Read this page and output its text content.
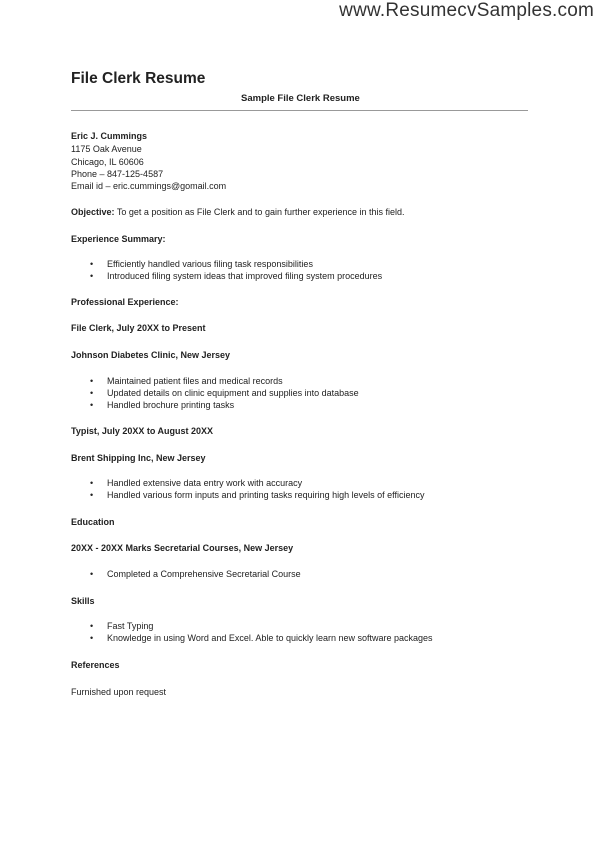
www.ResumecvSamples.com
File Clerk Resume
Sample File Clerk Resume
Eric J. Cummings
1175 Oak Avenue
Chicago, IL 60606
Phone – 847-125-4587
Email id – eric.cummings@gomail.com
Objective: To get a position as File Clerk and to gain further experience in this field.
Experience Summary:
• Efficiently handled various filing task responsibilities
• Introduced filing system ideas that improved filing system procedures
Professional Experience:
File Clerk, July 20XX to Present
Johnson Diabetes Clinic, New Jersey
• Maintained patient files and medical records
• Updated details on clinic equipment and supplies into database
• Handled brochure printing tasks
Typist, July 20XX to August 20XX
Brent Shipping Inc, New Jersey
• Handled extensive data entry work with accuracy
• Handled various form inputs and printing tasks requiring high levels of efficiency
Education
20XX - 20XX Marks Secretarial Courses, New Jersey
• Completed a Comprehensive Secretarial Course
Skills
• Fast Typing
• Knowledge in using Word and Excel. Able to quickly learn new software packages
References
Furnished upon request
